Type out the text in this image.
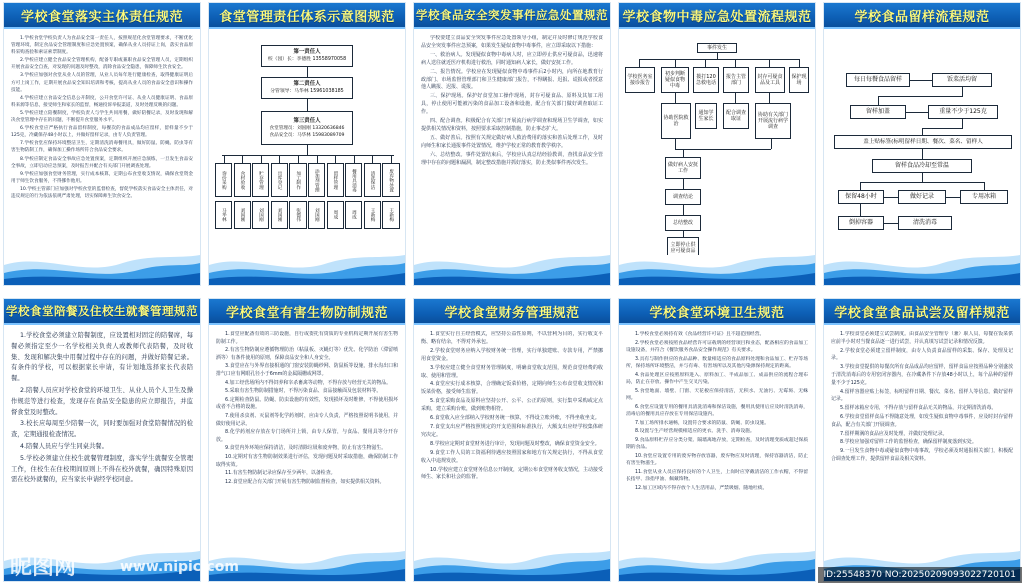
学校食堂落实主体责任规范

1.学校食堂学校负责人为食品安全第一责任人，按照规范化食堂管理要求，不断优化管理环境，制定食品安全管理制度和应急处置预案，确保从业人员持证上岗，落实食品原料采购查验和索证索票制度。

2.学校应建立健全食品安全管理机构，配备专职或兼职食品安全管理人员，定期组织开展食品安全自查，对发现的问题及时整改，消除食品安全隐患，保障师生饮食安全。

3.学校应加强对食堂从业人员的管理，从业人员每年进行健康检查，取得健康证明后方可上岗工作，定期开展食品安全知识培训和考核，提高从业人员的食品安全意识和操作技能。

4.学校应建立食品安全信息公开制度，公开食堂许可证、从业人员健康证明、食品原料来源等信息，接受师生和家长的监督，畅通投诉举报渠道，及时处理反映的问题。

5.学校应建立陪餐制度，学校负责人与学生共同用餐，做好陪餐记录，及时发现和解决食堂管理中存在的问题，不断提升食堂服务水平。

6.学校食堂应严格执行食品留样制度，每餐次的食品成品均应留样，留样量不少于125克，冷藏保存48小时以上，并做好留样记录，由专人负责管理。

7.学校食堂应保持环境整洁卫生，定期清洗消毒餐用具，做好防鼠、防蝇、防虫等有害生物防制工作，确保加工操作场所符合食品安全要求。

8.学校应制定食品安全事故应急处置预案，定期组织开展应急演练，一旦发生食品安全事故，立即启动应急预案，及时报告并配合有关部门开展调查处理。

9.学校应加强食堂财务管理，实行成本核算，定期公布食堂收支情况，确保食堂资金用于师生饮食服务，不得挪作他用。

10.学校主管部门应加强对学校食堂的监督检查，督促学校落实食品安全主体责任，对违反规定的行为依法依规严肃处理，切实保障师生饮食安全。

食堂管理责任体系示意图规范
第一责任人
校（园）长：李德胜 13558970058
第二责任人
分管领导：马华林 15961038185
第三责任人
食堂管理员：刘国刚 13320636846
食品安全员：马华林 15983089709
询价采购
马华林
食材验收
刘国刚
贮存管理
刘国刚
出库登记
刘国刚
加工制作
张德伟
添加剂管理
刘国刚
留样管理
周成
餐用具消毒
周成
清洗保洁
王新梅
废弃物处置
王新梅
学校食品安全突发事件应急处置规范

学校要建立食品安全突发事件应急处置领导小组，制定并及时修订规范学校食品安全突发事件应急预案，如果发生疑似食物中毒事件，应立即采取以下措施：

一、救治病人。发现疑似食物中毒病人时，应立即停止供应可疑食品，迅速将病人送往就近医疗机构进行救治，同时通知病人家长，做好安抚工作。

二、报告情况。学校应在发现疑似食物中毒事件后2小时内，向所在地教育行政部门、市场监督管理部门和卫生健康部门报告，不得瞒报、迟报、谎报或者授意他人瞒报、迟报、谎报。

三、保护现场。保护好食堂加工操作现场，封存可疑食品、原料及其加工用具，停止使用可能被污染的食品加工设备和设施，配合有关部门做好调查取证工作。

四、配合调查。积极配合有关部门开展流行病学调查和现场卫生学调查，如实提供相关情况和资料，按照要求采取控制措施，防止事态扩大。

五、做好善后。按照有关规定做好病人救治费用的落实和善后处理工作，及时向师生和家长通报事件处置情况，维护学校正常的教育教学秩序。

六、总结整改。事件处置结束后，学校应认真总结经验教训，查找食品安全管理中存在的问题和漏洞，制定整改措施并抓好落实，防止类似事件再次发生。

学校食物中毒应急处置流程规范
事件发生
学校医务室接诊报告
初步判断疑似食物中毒
拨打120急救电话
报告主管部门
封存可疑食品及工具
保护现场
协助医院救治
通知学生家长
配合调查取证
协助有关部门开展流行病学调查
做好病人安抚工作
调查结论
总结整改
立即停止供应可疑食品
学校食品留样流程规范
每日每餐食品留样	饭菜活均留
留样加盖	重量不少于125克
盖上贴标签(标明留样日期、餐次、菜名、留样人
留样食品冷却至常温
保留48小时	做好记录	专用冰箱
倒掉容器	清洗消毒
学校食堂陪餐及住校生就餐管理规范

1.学校食堂必须建立陪餐制度，应设置相对固定的陪餐席，每餐必须指定至少一名学校相关负责人或教师代表陪餐，及时收集、发现和解决集中用餐过程中存在的问题，并做好陪餐记录。有条件的学校，可以根据家长申请，有计划地选择家长代表陪餐。

2.陪餐人员应对学校食堂的环境卫生、从业人员个人卫生及操作规范等进行检查，发现存在食品安全隐患的应立即报告，并监督食堂及时整改。

3.校长应每周至少陪餐一次，同时要加强对食堂陪餐情况的检查，定期通报检查情况。

4.陪餐人员应与学生同桌共餐。

5.学校必须建立住校生就餐管理制度，落实学生就餐安全管理工作，住校生在住校期间原则上不得在校外就餐，确因特殊原因需在校外就餐的，应当家长申请经学校同意。

学校食堂有害生物防制规范

1.食堂应配备有效的三防设施，自行或委托有资质的专业机构定期开展有害生物防制工作。

2.有害生物防制应遵循物理防治（粘鼠板、灭蝇灯等）优先、化学防治（滞留喷洒等）有条件使用的原则，保障食品安全和人身安全。

3.食堂应在与外界直接相通的门窗安装防蝇纱网、防鼠板等设施，排水沟出口和排气口应有网眼孔径小于6mm的金属隔栅或网罩。

4.加工经营场所内不得饲养和宰杀畜禽等动物，不得存放与经营无关的物品。

5.采取有害生物防制措施时，不得污染食品、食品接触面及包装材料等。

6.定期检查防鼠、防蝇、防虫设施的有效性，发现损坏及时维修，不得使用损坏或者不合格的设施。

7.使用杀虫剂、灭鼠剂等化学药剂时，应由专人负责，严格按照说明书使用，并做好使用记录。

8.化学药剂应存放在专门场所并上锁，由专人保管，与食品、餐用具等分开存放。

9.食堂内外环境应保持清洁，及时清除垃圾和废弃物，防止有害生物滋生。

10.定期对有害生物防制效果进行评估，发现问题及时采取措施，确保防制工作取得实效。

11.有害生物防制记录应保存至少两年，以备检查。

12.食堂应配合有关部门开展有害生物防制监督检查，如实提供相关资料。

学校食堂财务管理规范

1.食堂实行自主经营模式，应坚持公益性原则，不以营利为目的，实行收支平衡、略有结余，不得对外承包。

2.学校食堂财务应纳入学校财务统一管理，实行单独建账、专款专用，严禁挪用食堂资金。

3.学校应建立健全食堂财务管理制度，明确食堂收支范围，规范食堂经费的收取、使用和管理。

4.食堂应实行成本核算，合理确定饭菜价格，定期向师生公布食堂收支情况和饭菜价格，接受师生监督。

5.食堂采购食品及原料应坚持公开、公平、公正的原则，实行集中采购或定点采购，建立采购台账，做到账物相符。

6.食堂收入应全部纳入学校财务统一核算，不得设立账外账，不得坐收坐支。

7.食堂支出应严格按照规定的开支范围和标准执行，大额支出应经学校集体研究决定。

8.学校应定期对食堂财务进行审计，发现问题及时整改，确保食堂资金安全。

9.食堂工作人员的工资福利待遇应按照国家和地方有关规定执行，不得从食堂收入中违规发放。

10.学校应建立食堂财务信息公开制度，定期公布食堂财务收支情况，主动接受师生、家长和社会的监督。

学校食堂环境卫生规范

1.学校食堂必须持有效《食品经营许可证》且不超范围经营。

2.学校食堂必须按照食品经营许可证载明的经营项目和业态，配备相应的食品加工设施设备，并符合《餐饮服务食品安全操作规范》有关要求。

3.具有与制作供应的食品品种、数量相适应的食品原料处理和食品加工、贮存等场所，保持场所环境整洁，并与有毒、有害场所以及其他污染源保持规定的距离。

4.食品处理区应按照原料进入、原料加工、半成品加工、成品供应的流程合理布局，防止在存放、操作中产生交叉污染。

5.食堂地面、墙壁、门窗、天花板应保持清洁，无积水、无油污、无霉斑、无蛛网。

6.食堂应设置专用的餐用具清洗消毒和保洁设施，餐用具使用后应及时清洗消毒，消毒后的餐用具应存放在专用保洁设施内。

7.加工场所排水通畅，设置符合要求的防鼠、防蝇、防虫设施。

8.设置与生产经营规模相适应的更衣、洗手、消毒设施。

9.食品原料贮存应分类分架、隔墙离地存放，定期检查，及时清理变质或超过保质期的食品。

10.食堂应设置专用的废弃物存放容器，废弃物应及时清理，保持容器清洁，防止有害生物滋生。

11.食堂从业人员应保持良好的个人卫生，上岗时应穿戴清洁的工作衣帽，不得留长指甲、涂指甲油、佩戴饰物。

12.加工区域内不得存放个人生活用品，严禁吸烟、随地吐痰。

学校食堂食品试尝及留样规范

1.学校食堂必须建立试尝制度。由食品安全管理专（兼）职人员，每餐在饭菜供应前半小时对当餐食品逐一进行试尝，并认真填写试尝记录和情况反馈。

2.学校食堂必须建立留样制度，由专人负责食品留样的采集、保存、处理及记录。

3.学校食堂提供的每餐次所有食品成品均应留样，留样食品应按照品种分别盛放于清洗消毒后的专用密闭容器内，在冷藏条件下存放48小时以上，每个品种的留样量不少于125克。

4.留样容器应贴上标签，标明留样日期、餐次、菜名、留样人等信息，做好留样记录。

5.留样冰箱应专用，不得存放与留样食品无关的物品，并定期清洗消毒。

6.学校食堂留样食品不得随意处理，如发生疑似食物中毒事件，应及时封存留样食品，配合有关部门开展调查。

7.留样期满的食品应及时处理，并做好处理记录。

8.学校应加强对留样工作的监督检查，确保留样制度落到实处。

9.一旦发生食物中毒或疑似食物中毒事故，学校必须及时通报相关部门，积极配合调查处理工作，提供留样食品及相关资料。

昵图网	www.nipic.com	ID:25548370 NO:20250209093022720101
